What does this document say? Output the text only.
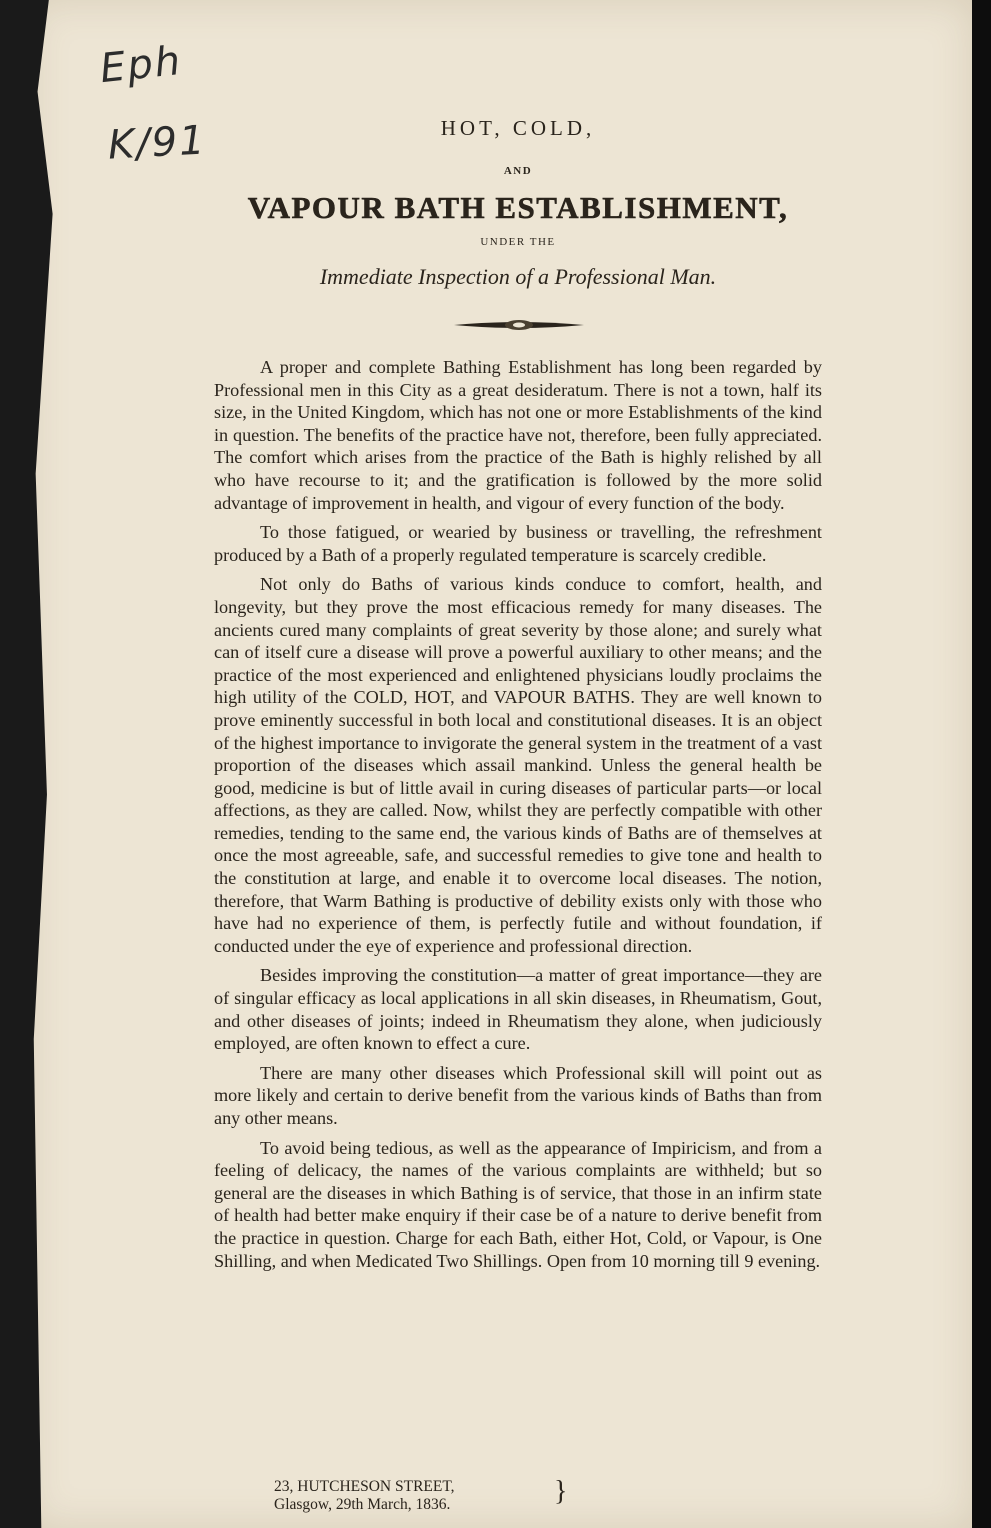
Eph
K/91	HOT, COLD,
AND
VAPOUR BATH ESTABLISHMENT,
UNDER THE
Immediate Inspection of a Professional Man.

A proper and complete Bathing Establishment has long been regarded by Professional men in this City as a great desideratum. There is not a town, half its size, in the United Kingdom, which has not one or more Establishments of the kind in question. The benefits of the practice have not, therefore, been fully appreciated. The comfort which arises from the practice of the Bath is highly relished by all who have recourse to it; and the gratification is followed by the more solid advantage of improvement in health, and vigour of every function of the body.

To those fatigued, or wearied by business or travelling, the refreshment produced by a Bath of a properly regulated temperature is scarcely credible.

Not only do Baths of various kinds conduce to comfort, health, and longevity, but they prove the most efficacious remedy for many diseases. The ancients cured many complaints of great severity by those alone; and surely what can of itself cure a disease will prove a powerful auxiliary to other means; and the practice of the most experienced and enlightened physicians loudly proclaims the high utility of the COLD, HOT, and VAPOUR BATHS. They are well known to prove eminently successful in both local and constitutional diseases. It is an object of the highest importance to invigorate the general system in the treatment of a vast proportion of the diseases which assail mankind. Unless the general health be good, medicine is but of little avail in curing diseases of particular parts—or local affections, as they are called. Now, whilst they are perfectly compatible with other remedies, tending to the same end, the various kinds of Baths are of themselves at once the most agreeable, safe, and successful remedies to give tone and health to the constitution at large, and enable it to overcome local diseases. The notion, therefore, that Warm Bathing is productive of debility exists only with those who have had no experience of them, is perfectly futile and without foundation, if conducted under the eye of experience and professional direction.

Besides improving the constitution—a matter of great importance—they are of singular efficacy as local applications in all skin diseases, in Rheumatism, Gout, and other diseases of joints; indeed in Rheumatism they alone, when judiciously employed, are often known to effect a cure.

There are many other diseases which Professional skill will point out as more likely and certain to derive benefit from the various kinds of Baths than from any other means.

To avoid being tedious, as well as the appearance of Impiricism, and from a feeling of delicacy, the names of the various complaints are withheld; but so general are the diseases in which Bathing is of service, that those in an infirm state of health had better make enquiry if their case be of a nature to derive benefit from the practice in question. Charge for each Bath, either Hot, Cold, or Vapour, is One Shilling, and when Medicated Two Shillings. Open from 10 morning till 9 evening.

23, HUTCHESON STREET,
Glasgow, 29th March, 1836.	}
